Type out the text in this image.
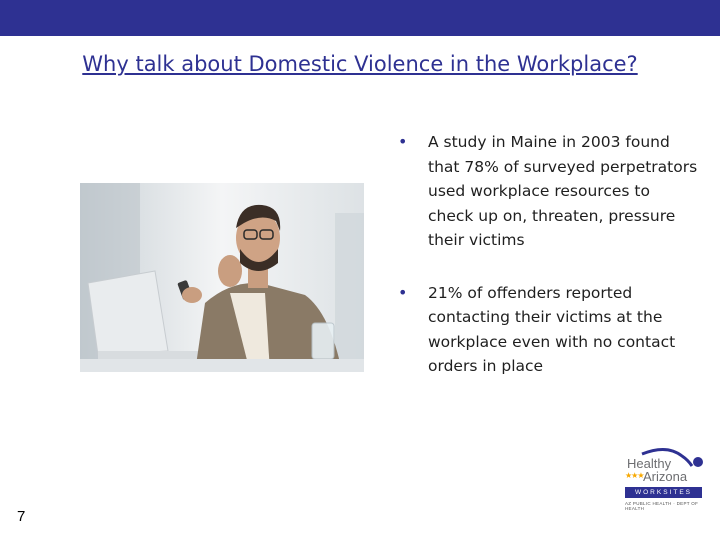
Why talk about Domestic Violence in the Workplace?
• A study in Maine in 2003 found that 78% of surveyed perpetrators used workplace resources to check up on, threaten, pressure their victims
• 21% of offenders reported contacting their victims at the workplace even with no contact orders in place
Healthy
★★★ Arizona
WORKSITES
AZ PUBLIC HEALTH · DEPT OF HEALTH
7
